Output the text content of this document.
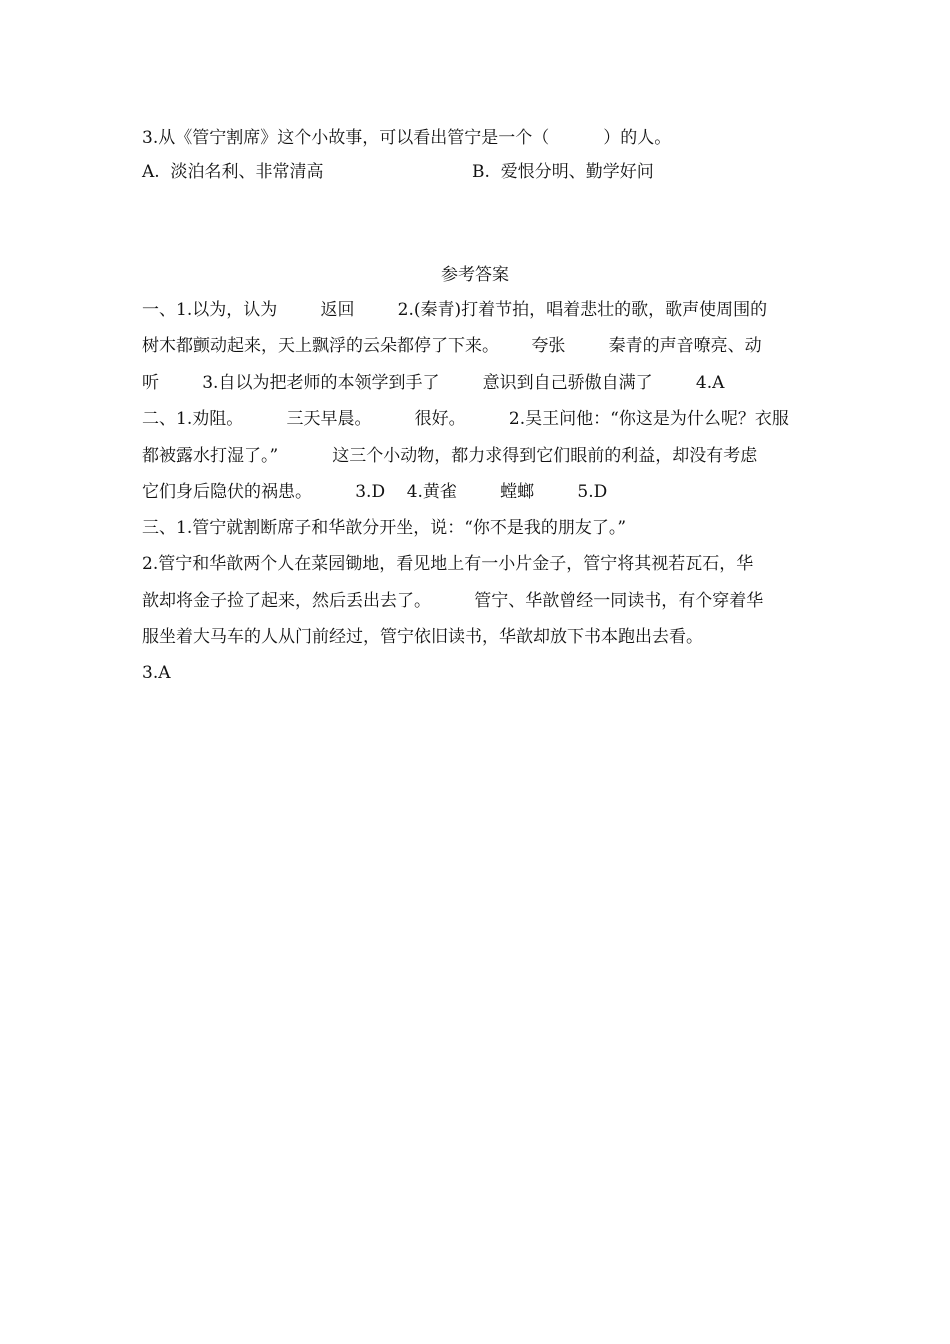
3.从《管宁割席》这个小故事，可以看出管宁是一个（          ）的人。
A.  淡泊名利、非常清高	B.  爱恨分明、勤学好问
参考答案
一、1.以为，认为        返回        2.(秦青)打着节拍，唱着悲壮的歌，歌声使周围的
树木都颤动起来，天上飘浮的云朵都停了下来。      夸张        秦青的声音嘹亮、动
听        3.自以为把老师的本领学到手了        意识到自己骄傲自满了        4.A
二、1.劝阻。        三天早晨。        很好。        2.吴王问他：“你这是为什么呢？衣服
都被露水打湿了。”          这三个小动物，都力求得到它们眼前的利益，却没有考虑
它们身后隐伏的祸患。        3.D    4.黄雀        螳螂        5.D
三、1.管宁就割断席子和华歆分开坐，说：“你不是我的朋友了。”
2.管宁和华歆两个人在菜园锄地，看见地上有一小片金子，管宁将其视若瓦石，华
歆却将金子捡了起来，然后丢出去了。        管宁、华歆曾经一同读书，有个穿着华
服坐着大马车的人从门前经过，管宁依旧读书，华歆却放下书本跑出去看。
3.A
